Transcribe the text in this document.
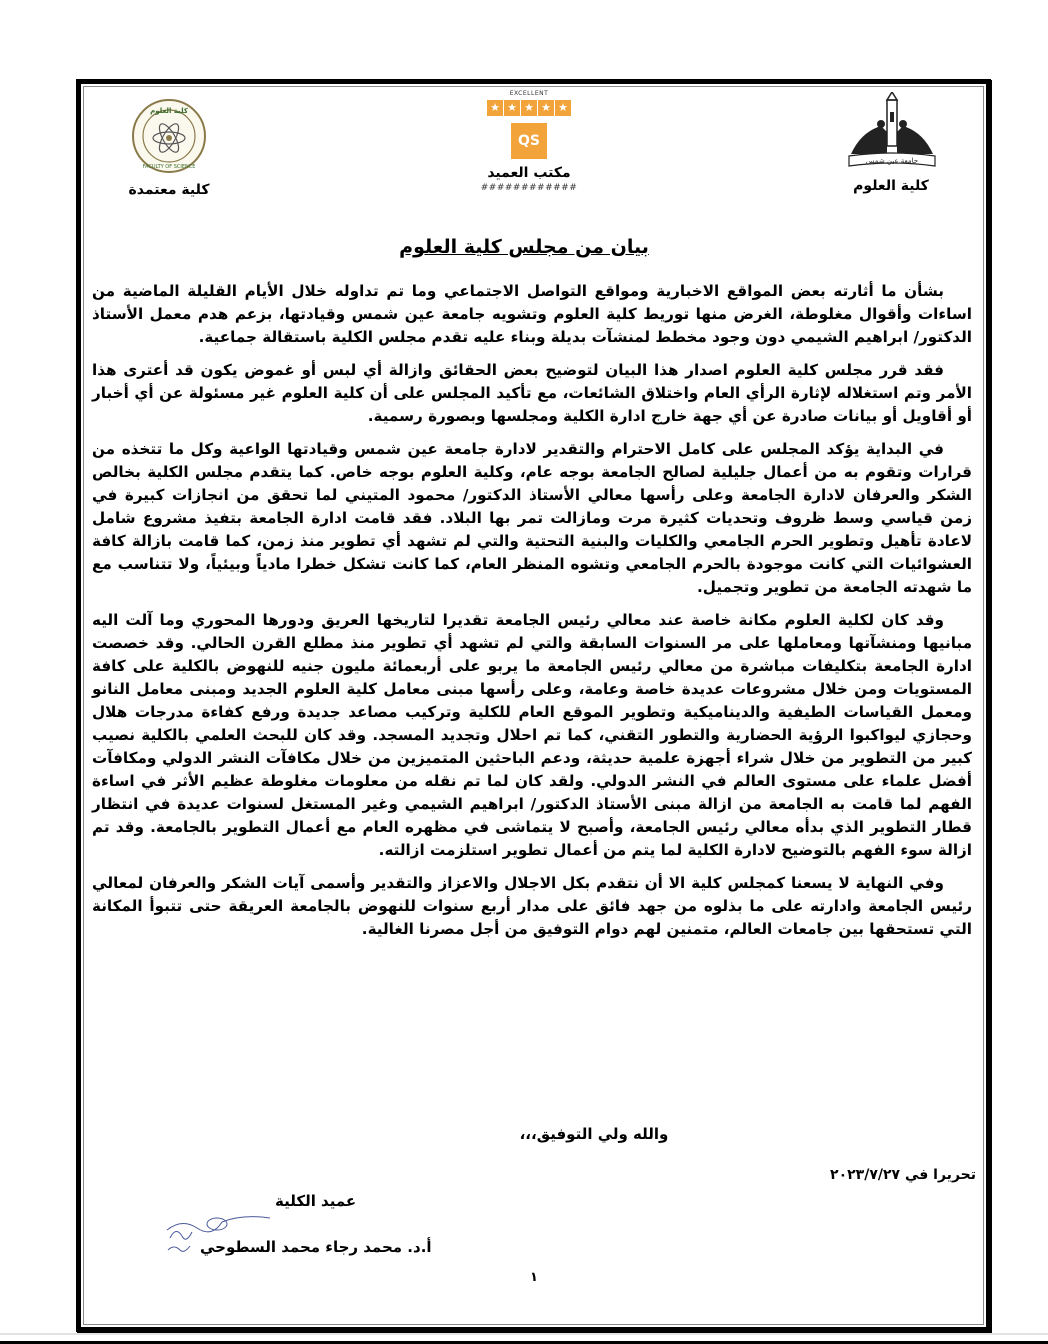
جامعة عين شمس
كلية العلوم
EXCELLENT
★ ★ ★ ★ ★
QS
مكتب العميد
############
كلية العلوم
FACULTY OF SCIENCE
كلية معتمدة
بيان من مجلس كلية العلوم

بشأن ما أثارته بعض المواقع الاخبارية ومواقع التواصل الاجتماعي وما تم تداوله خلال الأيام القليلة الماضية من اساءات وأقوال مغلوطة، الغرض منها توريط كلية العلوم وتشويه جامعة عين شمس وقيادتها، بزعم هدم معمل الأستاذ الدكتور/ ابراهيم الشيمي دون وجود مخطط لمنشآت بديلة وبناء عليه تقدم مجلس الكلية باستقالة جماعية.

فقد قرر مجلس كلية العلوم اصدار هذا البيان لتوضيح بعض الحقائق وازالة أي لبس أو غموض يكون قد أعترى هذا الأمر وتم استغلاله لإثارة الرأي العام واختلاق الشائعات، مع تأكيد المجلس على أن كلية العلوم غير مسئولة عن أي أخبار أو أقاويل أو بيانات صادرة عن أي جهة خارج ادارة الكلية ومجلسها وبصورة رسمية.

في البداية يؤكد المجلس على كامل الاحترام والتقدير لادارة جامعة عين شمس وقيادتها الواعية وكل ما تتخذه من قرارات وتقوم به من أعمال جليلية لصالح الجامعة بوجه عام، وكلية العلوم بوجه خاص. كما يتقدم مجلس الكلية بخالص الشكر والعرفان لادارة الجامعة وعلى رأسها معالي الأستاذ الدكتور/ محمود المتيني لما تحقق من انجازات كبيرة في زمن قياسي وسط ظروف وتحديات كثيرة مرت ومازالت تمر بها البلاد. فقد قامت ادارة الجامعة بتفيذ مشروع شامل لاعادة تأهيل وتطوير الحرم الجامعي والكليات والبنية التحتية والتي لم تشهد أي تطوير منذ زمن، كما قامت بازالة كافة العشوائيات التي كانت موجودة بالحرم الجامعي وتشوه المنظر العام، كما كانت تشكل خطرا مادياً وبيئياً، ولا تتناسب مع ما شهدته الجامعة من تطوير وتجميل.

وقد كان لكلية العلوم مكانة خاصة عند معالي رئيس الجامعة تقديرا لتاريخها العريق ودورها المحوري وما آلت اليه مبانيها ومنشآتها ومعاملها على مر السنوات السابقة والتي لم تشهد أي تطوير منذ مطلع القرن الحالي. وقد خصصت ادارة الجامعة بتكليفات مباشرة من معالي رئيس الجامعة ما يربو على أربعمائة مليون جنيه للنهوض بالكلية على كافة المستويات ومن خلال مشروعات عديدة خاصة وعامة، وعلى رأسها مبنى معامل كلية العلوم الجديد ومبنى معامل النانو ومعمل القياسات الطيفية والديناميكية وتطوير الموقع العام للكلية وتركيب مصاعد جديدة ورفع كفاءة مدرجات هلال وحجازي ليواكبوا الرؤية الحضارية والتطور التقني، كما تم احلال وتجديد المسجد. وقد كان للبحث العلمي بالكلية نصيب كبير من التطوير من خلال شراء أجهزة علمية حديثة، ودعم الباحثين المتميزين من خلال مكافآت النشر الدولي ومكافآت أفضل علماء على مستوى العالم في النشر الدولي. ولقد كان لما تم نقله من معلومات مغلوطة عظيم الأثر في اساءة الفهم لما قامت به الجامعة من ازالة مبنى الأستاذ الدكتور/ ابراهيم الشيمي وغير المستغل لسنوات عديدة في انتظار قطار التطوير الذي بدأه معالي رئيس الجامعة، وأصبح لا يتماشى في مظهره العام مع أعمال التطوير بالجامعة. وقد تم ازالة سوء الفهم بالتوضيح لادارة الكلية لما يتم من أعمال تطوير استلزمت ازالته.

وفي النهاية لا يسعنا كمجلس كلية الا أن نتقدم بكل الاجلال والاعزاز والتقدير وأسمى آيات الشكر والعرفان لمعالي رئيس الجامعة وادارته على ما بذلوه من جهد فائق على مدار أربع سنوات للنهوض بالجامعة العريقة حتى تتبوأ المكانة التي تستحقها بين جامعات العالم، متمنين لهم دوام التوفيق من أجل مصرنا الغالية.

والله ولي التوفيق،،،
تحريرا في ٢٠٢٣/٧/٢٧
عميد الكلية
أ.د. محمد رجاء محمد السطوحي
١
